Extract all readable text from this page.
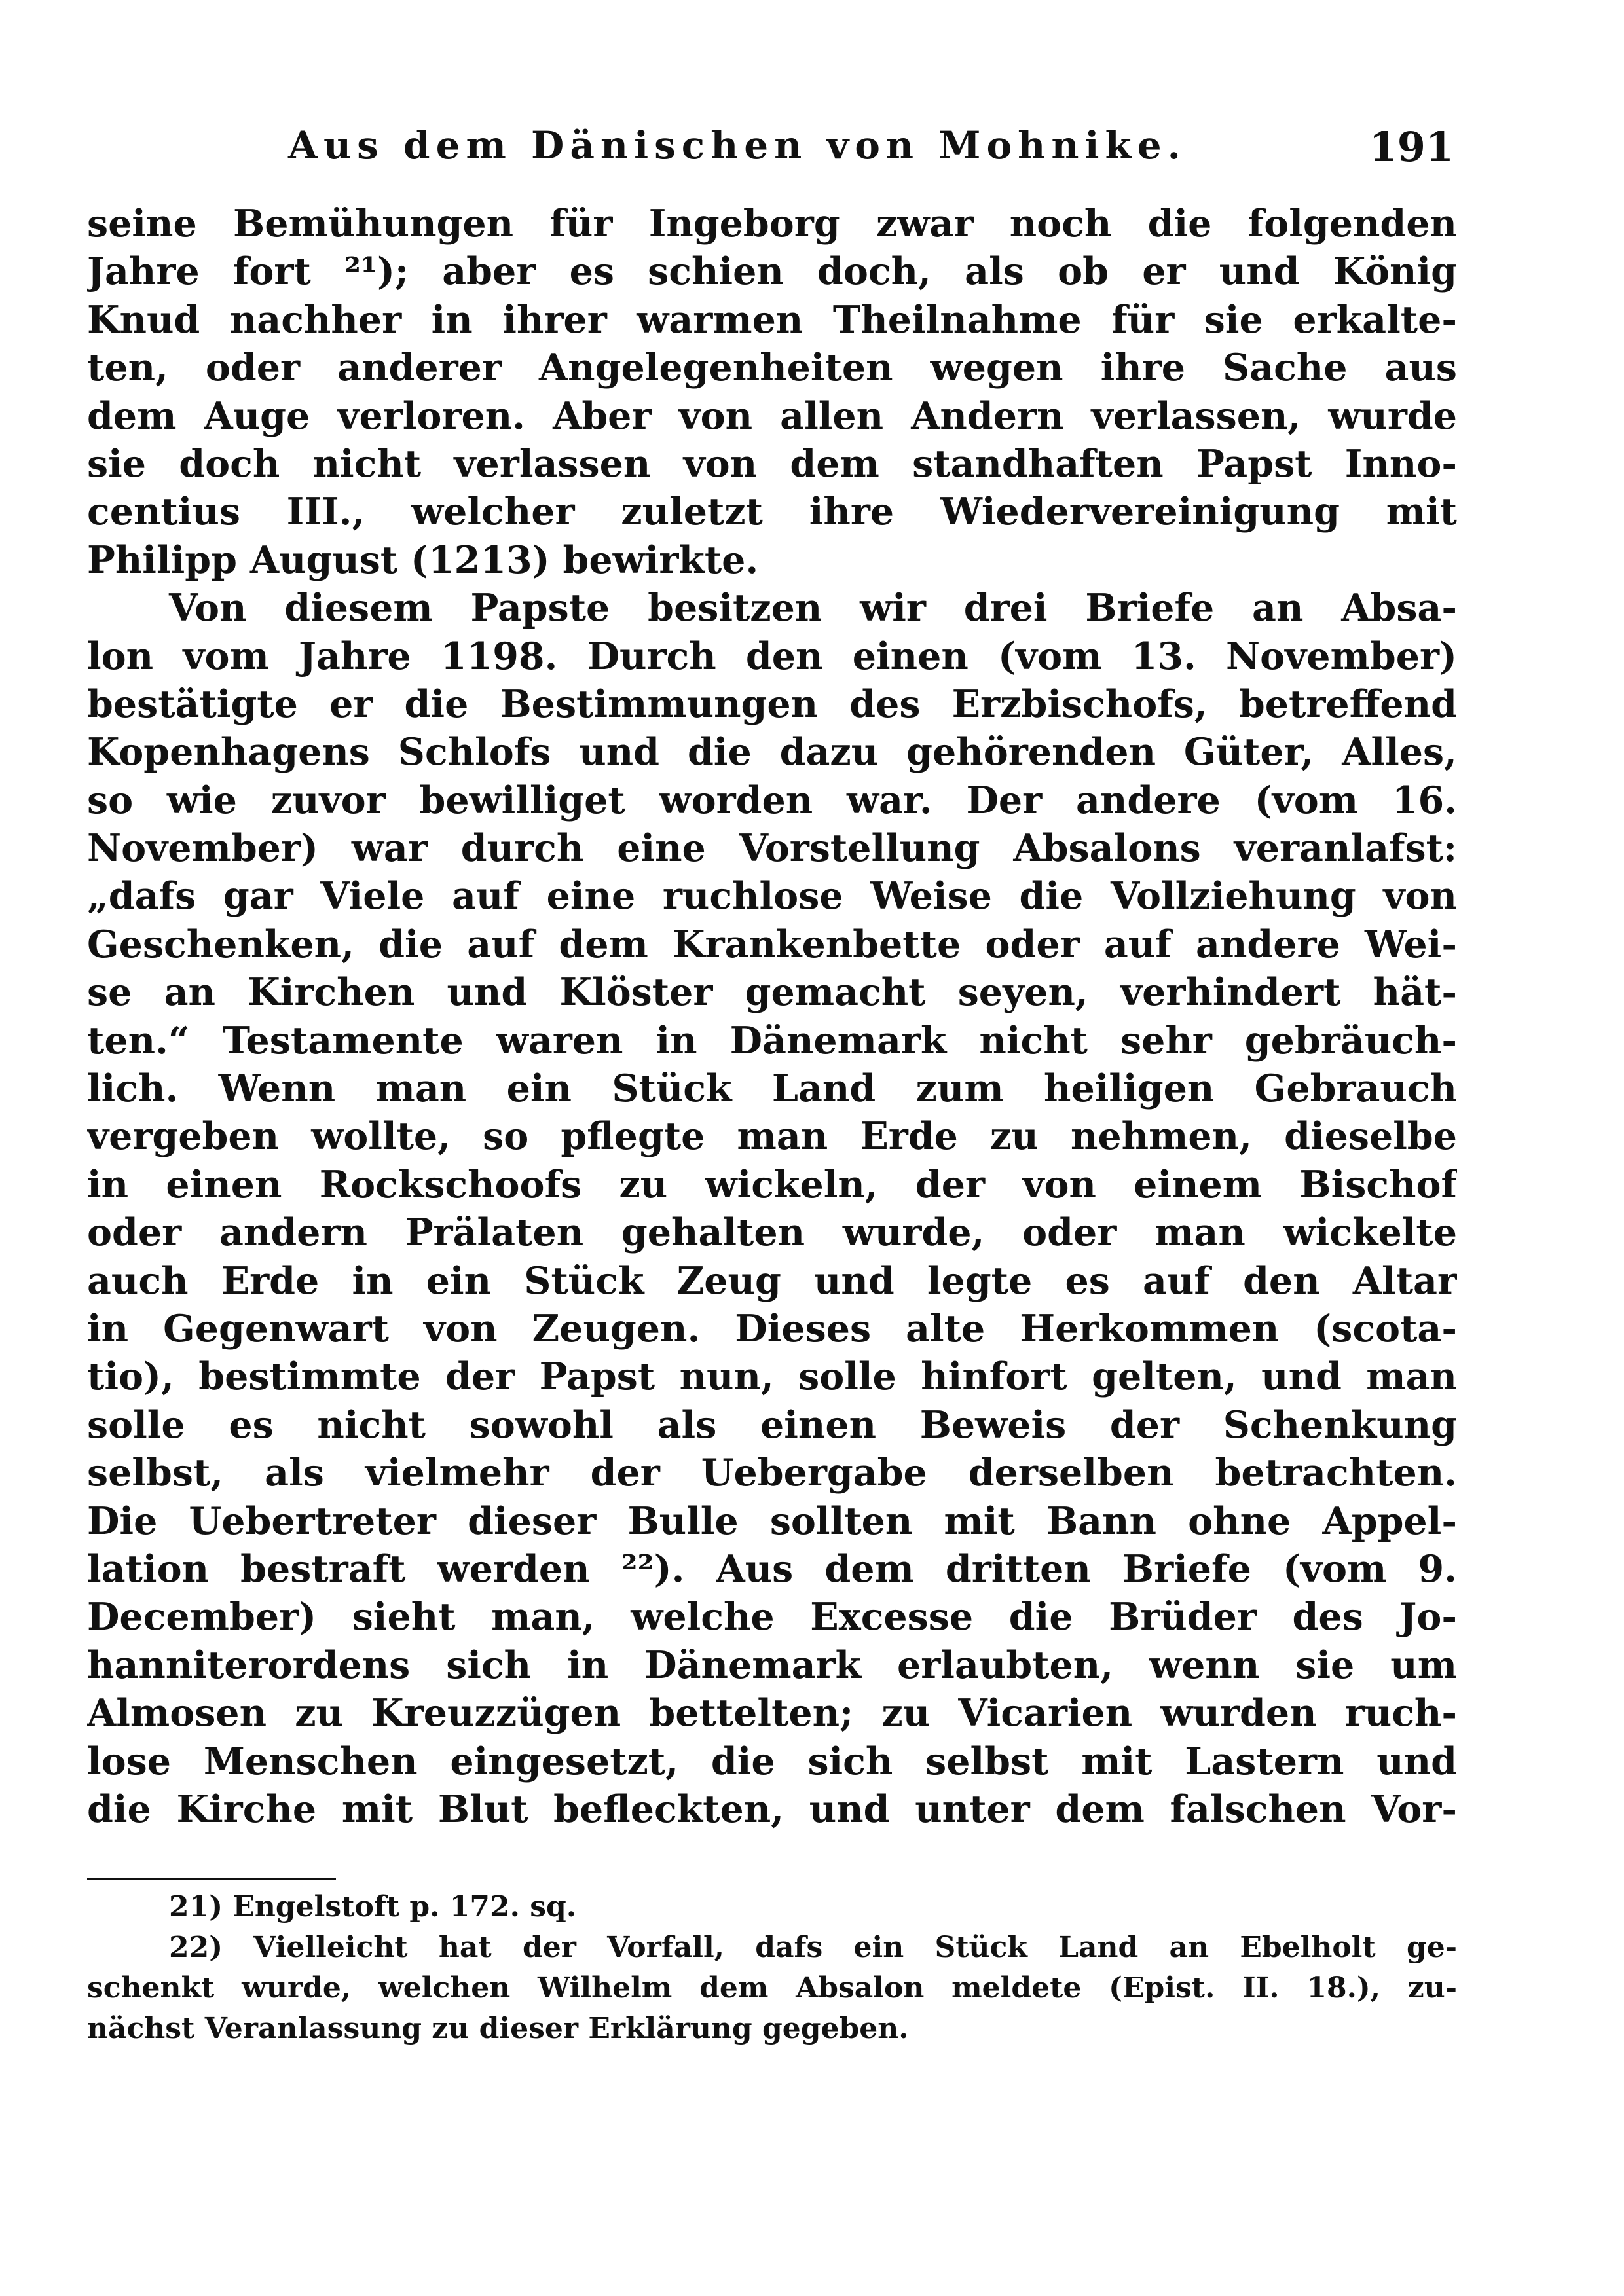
Aus dem Dänischen von Mohnike.	191
seine Bemühungen für Ingeborg zwar noch die folgenden
Jahre fort ²¹); aber es schien doch, als ob er und König
Knud nachher in ihrer warmen Theilnahme für sie erkalte-
ten, oder anderer Angelegenheiten wegen ihre Sache aus
dem Auge verloren. Aber von allen Andern verlassen, wurde
sie doch nicht verlassen von dem standhaften Papst Inno-
centius III., welcher zuletzt ihre Wiedervereinigung mit
Philipp August (1213) bewirkte.
Von diesem Papste besitzen wir drei Briefe an Absa-
lon vom Jahre 1198. Durch den einen (vom 13. November)
bestätigte er die Bestimmungen des Erzbischofs, betreffend
Kopenhagens Schlofs und die dazu gehörenden Güter, Alles,
so wie zuvor bewilliget worden war. Der andere (vom 16.
November) war durch eine Vorstellung Absalons veranlafst:
„dafs gar Viele auf eine ruchlose Weise die Vollziehung von
Geschenken, die auf dem Krankenbette oder auf andere Wei-
se an Kirchen und Klöster gemacht seyen, verhindert hät-
ten.“ Testamente waren in Dänemark nicht sehr gebräuch-
lich. Wenn man ein Stück Land zum heiligen Gebrauch
vergeben wollte, so pflegte man Erde zu nehmen, dieselbe
in einen Rockschoofs zu wickeln, der von einem Bischof
oder andern Prälaten gehalten wurde, oder man wickelte
auch Erde in ein Stück Zeug und legte es auf den Altar
in Gegenwart von Zeugen. Dieses alte Herkommen (scota-
tio), bestimmte der Papst nun, solle hinfort gelten, und man
solle es nicht sowohl als einen Beweis der Schenkung
selbst, als vielmehr der Uebergabe derselben betrachten.
Die Uebertreter dieser Bulle sollten mit Bann ohne Appel-
lation bestraft werden ²²). Aus dem dritten Briefe (vom 9.
December) sieht man, welche Excesse die Brüder des Jo-
hanniterordens sich in Dänemark erlaubten, wenn sie um
Almosen zu Kreuzzügen bettelten; zu Vicarien wurden ruch-
lose Menschen eingesetzt, die sich selbst mit Lastern und
die Kirche mit Blut befleckten, und unter dem falschen Vor-
21) Engelstoft p. 172. sq.
22) Vielleicht hat der Vorfall, dafs ein Stück Land an Ebelholt ge-
schenkt wurde, welchen Wilhelm dem Absalon meldete (Epist. II. 18.), zu-
nächst Veranlassung zu dieser Erklärung gegeben.
